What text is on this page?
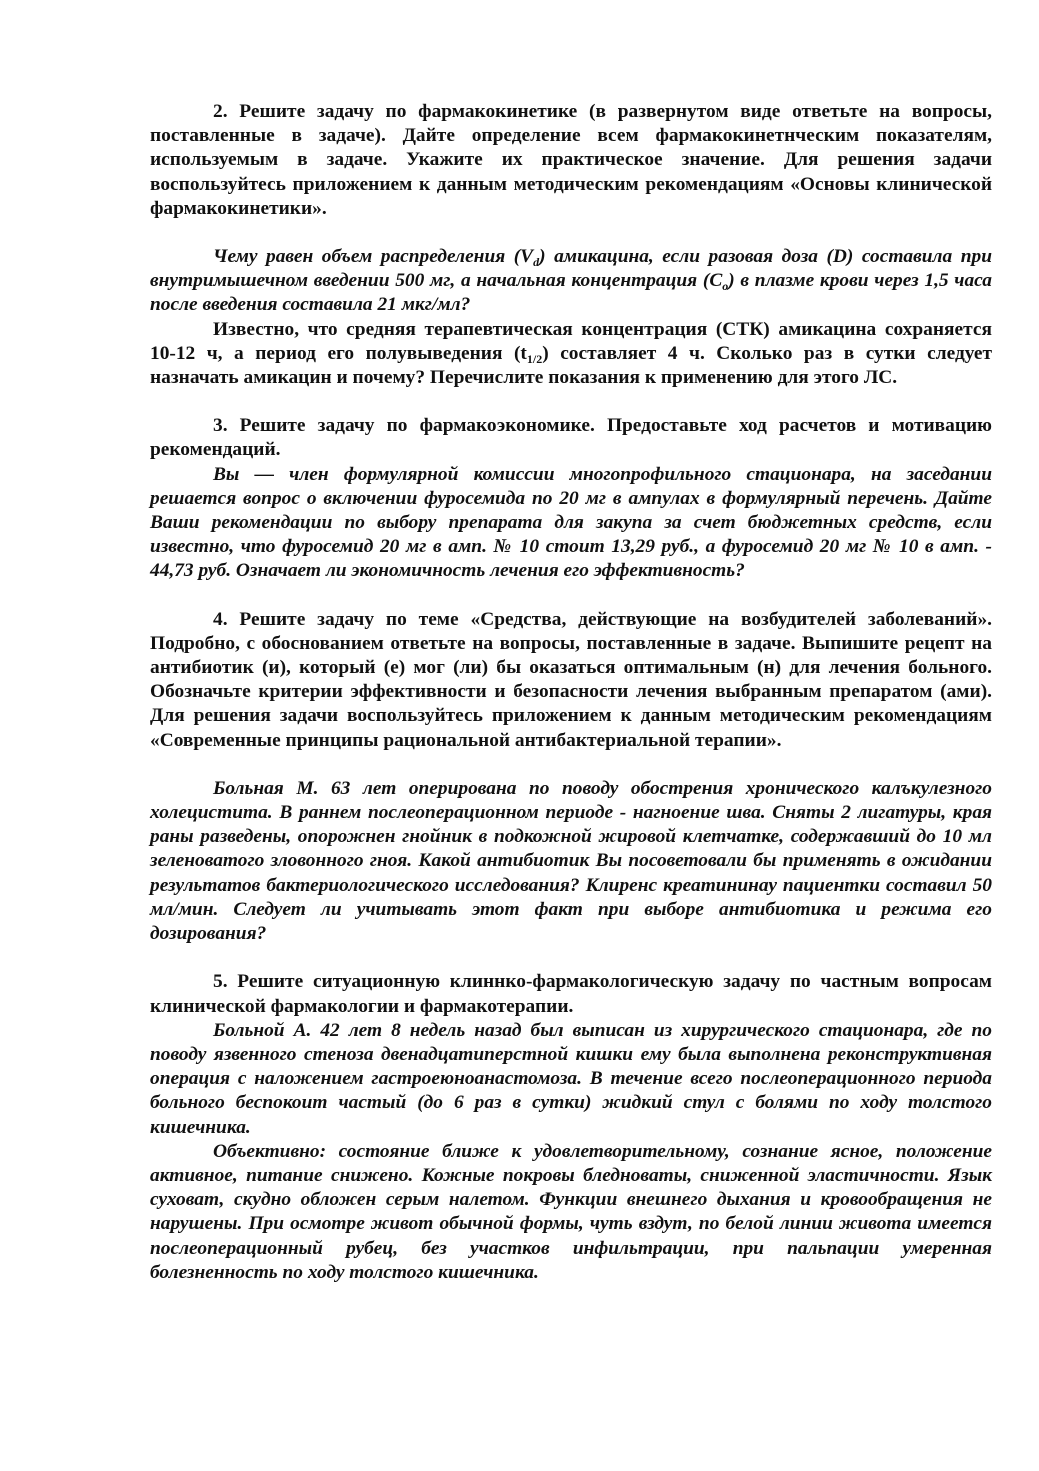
2. Решите задачу по фармакокинетике (в развернутом виде ответьте на вопросы, поставленные в задаче). Дайте определение всем фармакокинетнческим показателям, используемым в задаче. Укажите их практическое значение. Для решения задачи воспользуйтесь приложением к данным методическим рекомендациям «Основы клинической фармакокинетики».

Чему равен объем распределения $(V_d)$ амикацина, если разовая доза (D) составила при внутримышечном введении 500 мг, а начальная концентрация $(C_o)$ в плазме крови через 1,5 часа после введения составила 21 мкг/мл?

Известно, что средняя терапевтическая концентрация (СТК) амикацина сохраняется 10-12 ч, а период его полувыведения $(t_{1/2})$ составляет 4 ч. Сколько раз в сутки следует назначать амикацин и почему? Перечислите показания к применению для этого ЛС.

3. Решите задачу по фармакоэкономике. Предоставьте ход расчетов и мотивацию рекомендаций.

Вы — член формулярной комиссии многопрофильного стационара, на заседании решается вопрос о включении фуросемида по 20 мг в ампулах в формулярный перечень. Дайте Ваши рекомендации по выбору препарата для закупа за счет бюджетных средств, если известно, что фуросемид 20 мг в амп. № 10 стоит 13,29 руб., а фуросемид 20 мг № 10 в амп. - 44,73 руб. Означает ли экономичность лечения его эффективность?

4. Решите задачу по теме «Средства, действующие на возбудителей заболеваний». Подробно, с обоснованием ответьте на вопросы, поставленные в задаче. Выпишите рецепт на антибиотик (и), который (е) мог (ли) бы оказаться оптимальным (н) для лечения больного. Обозначьте критерии эффективности и безопасности лечения выбранным препаратом (ами). Для решения задачи воспользуйтесь приложением к данным методическим рекомендациям «Современные принципы рациональной антибактериальной терапии».

Больная М. 63 лет оперирована по поводу обострения хронического калъкулезного холецистита. В раннем послеоперационном периоде - нагноение шва. Сняты 2 лигатуры, края раны разведены, опорожнен гнойник в подкожной жировой клетчатке, содержавший до 10 мл зеленоватого зловонного гноя. Какой антибиотик Вы посоветовали бы применять в ожидании результатов бактериологического исследования? Клиренс креатининау пациентки составил 50 мл/мин. Следует ли учитывать этот факт при выборе антибиотика и режима его дозирования?

5. Решите ситуационную клиннко-фармакологическую задачу по частным вопросам клинической фармакологии и фармакотерапии.

Больной А. 42 лет 8 недель назад был выписан из хирургического стационара, где по поводу язвенного стеноза двенадцатиперстной кишки ему была выполнена реконструктивная операция с наложением гастроеюноанастомоза. В течение всего послеоперационного периода больного беспокоит частый (до 6 раз в сутки) жидкий стул с болями по ходу толстого кишечника.

Объективно: состояние ближе к удовлетворительному, сознание ясное, положение активное, питание снижено. Кожные покровы бледноваты, сниженной эластичности. Язык суховат, скудно обложен серым налетом. Функции внешнего дыхания и кровообращения не нарушены. При осмотре живот обычной формы, чуть вздут, по белой линии живота имеется послеоперационный рубец, без участков инфильтрации, при пальпации умеренная болезненность по ходу толстого кишечника.
